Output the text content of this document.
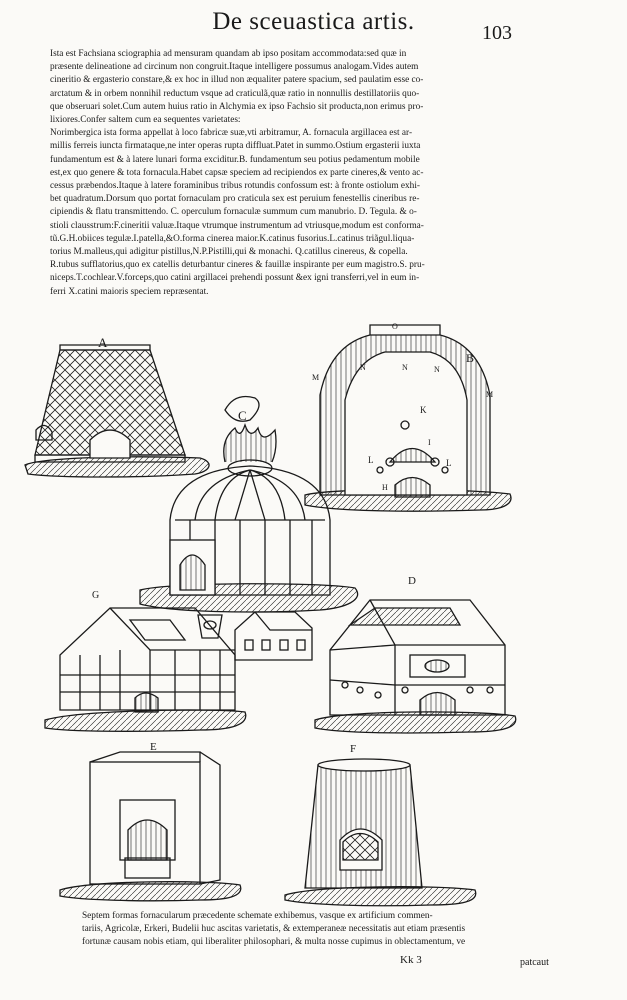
De sceuastica artis.	103
Ista est Fachsiana sciographia ad mensuram quandam ab ipso positam accommodata:sed quæ in
præsente delineatione ad circinum non congruit.Itaque intelligere possumus analogam.Vides autem
cineritio & ergasterio constare,& ex hoc in illud non æqualiter patere spacium, sed paulatim esse co-
arctatum & in orbem nonnihil reductum vsque ad craticulã,quæ ratio in nonnullis destillatoriis quo-
que obseruari solet.Cum autem huius ratio in Alchymia ex ipso Fachsio sit producta,non erimus pro-
lixiores.Confer saltem cum ea sequentes varietates:
Norimbergica ista forma appellat à loco fabricæ suæ,vti arbitramur, A. fornacula argillacea est ar-
millis ferreis iuncta firmataque,ne inter operas rupta diffluat.Patet in summo.Ostium ergasterii iuxta
fundamentum est & à latere lunari forma exciditur.B. fundamentum seu potius pedamentum mobile
est,ex quo genere & tota fornacula.Habet capsæ speciem ad recipiendos ex parte cineres,& vento ac-
cessus præbendos.Itaque à latere foraminibus tribus rotundis confossum est: à fronte ostiolum exhi-
bet quadratum.Dorsum quo portat fornaculam pro craticula sex est peruium fenestellis cineribus re-
cipiendis & flatu transmittendo. C. operculum fornaculæ summum cum manubrio. D. Tegula. & o-
stioli clausstrum:F.cineritii valuæ.Itaque vtrumque instrumentum ad vtriusque,modum est conforma-
tũ.G.H.obiices tegulæ.I.patella,&O.forma cinerea maior.K.catinus fusorius.L.catinus triãgul.liqua-
torius M.malleus,qui adigitur pistillus,N.P.Pistilli,qui & monachi. Q.catillus cinereus, & copella.
R.tubus sufflatorius,quo ex catellis deturbantur cineres & fauillæ inspirante per eum magistro.S. pru-
niceps.T.cochlear.V.forceps,quo catini argillacei prehendi possunt &ex igni transferri,vel in eum in-
ferri X.catini maioris speciem repræsentat.
A
B
C
D
E	F
G
H
I
K
L	L
M
M
N	N	N
O
Septem formas fornacularum præcedente schemate exhibemus, vasque ex artificium commen-
tariis, Agricolæ, Erkeri, Budelii huc ascitas varietatis, & extemperaneæ necessitatis aut etiam præsentis
fortunæ causam nobis etiam, qui liberaliter philosophari, & multa nosse cupimus in oblectamentum, ve
Kk 3	patcaut
